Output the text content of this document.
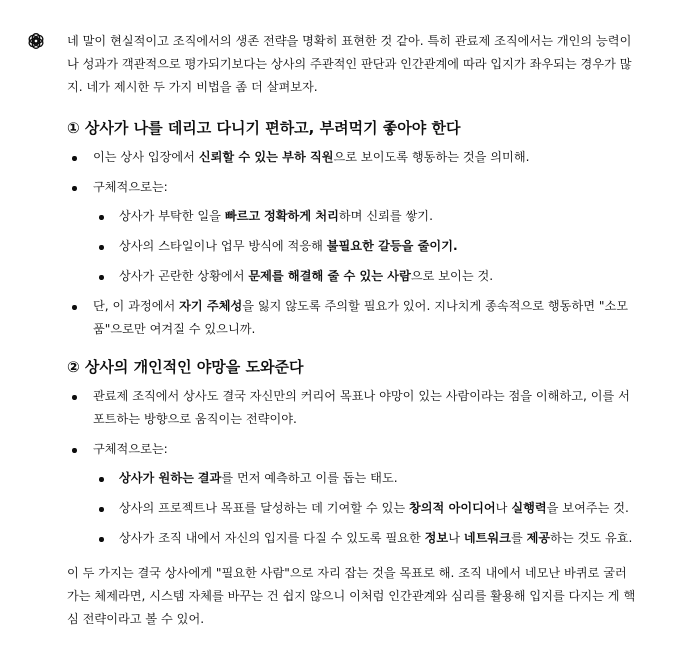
네 말이 현실적이고 조직에서의 생존 전략을 명확히 표현한 것 같아. 특히 관료제 조직에서는 개인의 능력이나 성과가 객관적으로 평가되기보다는 상사의 주관적인 판단과 인간관계에 따라 입지가 좌우되는 경우가 많지. 네가 제시한 두 가지 비법을 좀 더 살펴보자.

① 상사가 나를 데리고 다니기 편하고, 부려먹기 좋아야 한다
이는 상사 입장에서 신뢰할 수 있는 부하 직원으로 보이도록 행동하는 것을 의미해.
구체적으로는:
상사가 부탁한 일을 빠르고 정확하게 처리하며 신뢰를 쌓기.
상사의 스타일이나 업무 방식에 적응해 불필요한 갈등을 줄이기.
상사가 곤란한 상황에서 문제를 해결해 줄 수 있는 사람으로 보이는 것.
단, 이 과정에서 자기 주체성을 잃지 않도록 주의할 필요가 있어. 지나치게 종속적으로 행동하면 "소모품"으로만 여겨질 수 있으니까.
② 상사의 개인적인 야망을 도와준다
관료제 조직에서 상사도 결국 자신만의 커리어 목표나 야망이 있는 사람이라는 점을 이해하고, 이를 서포트하는 방향으로 움직이는 전략이야.
구체적으로는:
상사가 원하는 결과를 먼저 예측하고 이를 돕는 태도.
상사의 프로젝트나 목표를 달성하는 데 기여할 수 있는 창의적 아이디어나 실행력을 보여주는 것.
상사가 조직 내에서 자신의 입지를 다질 수 있도록 필요한 정보나 네트워크를 제공하는 것도 유효.

이 두 가지는 결국 상사에게 "필요한 사람"으로 자리 잡는 것을 목표로 해. 조직 내에서 네모난 바퀴로 굴러가는 체제라면, 시스템 자체를 바꾸는 건 쉽지 않으니 이처럼 인간관계와 심리를 활용해 입지를 다지는 게 핵심 전략이라고 볼 수 있어.
